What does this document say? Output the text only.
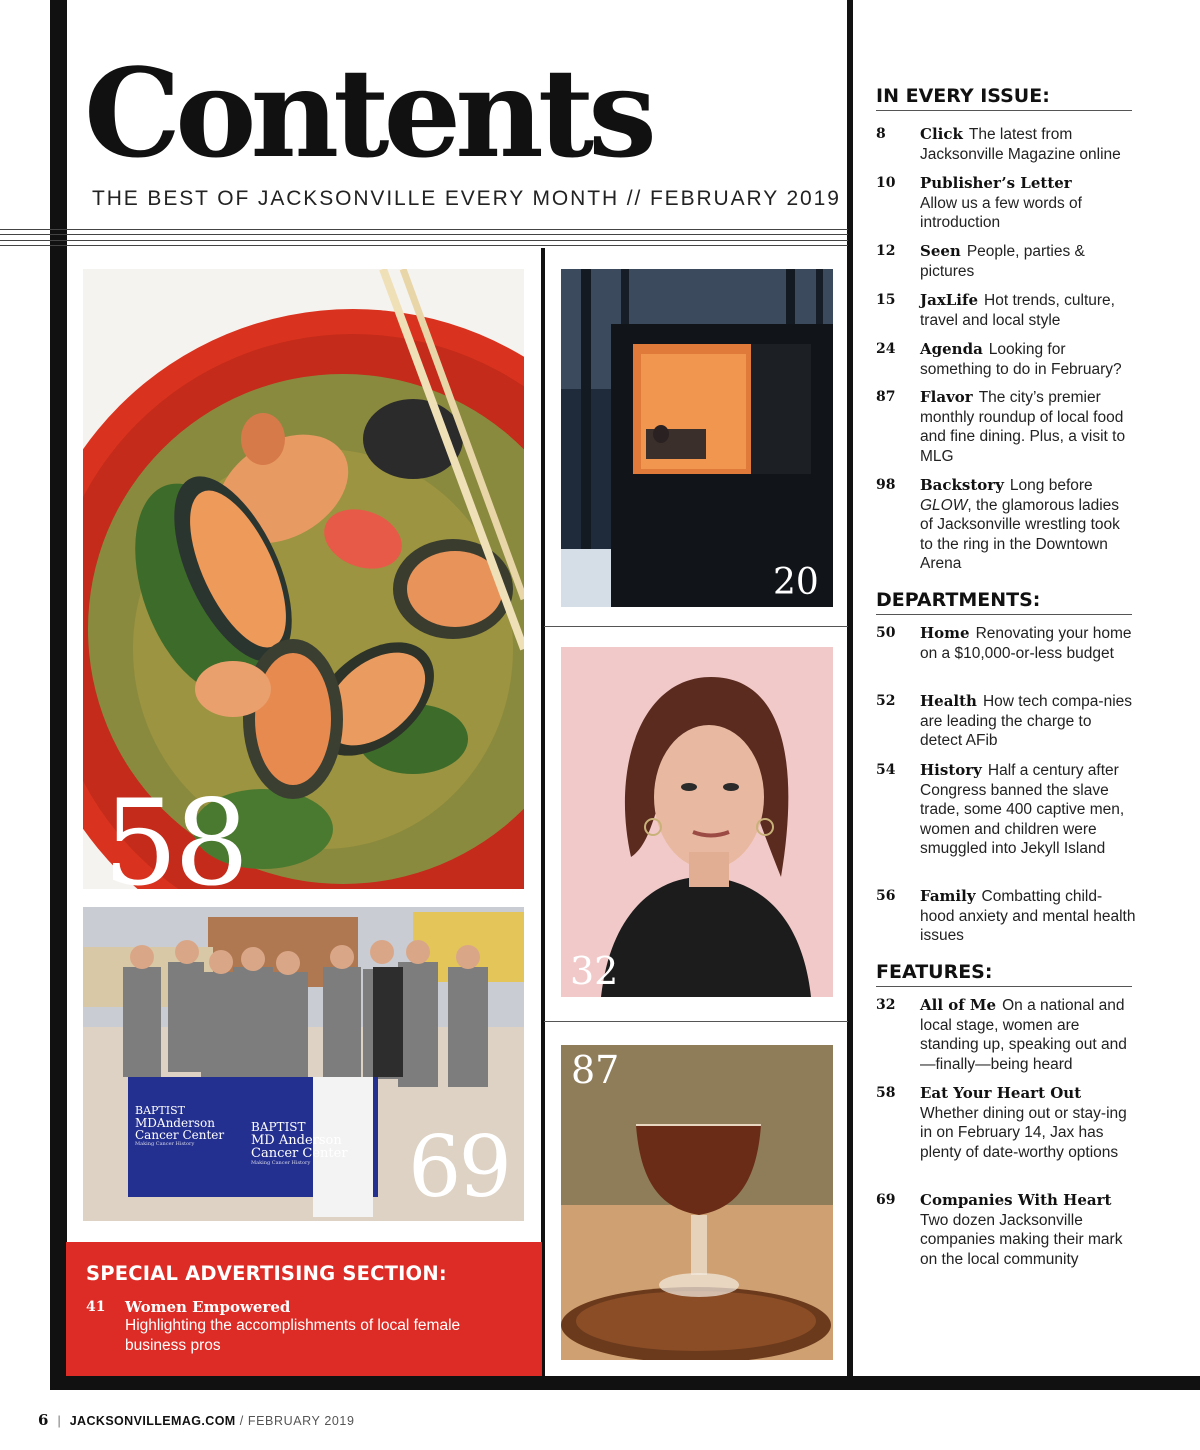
Contents
THE BEST OF JACKSONVILLE EVERY MONTH // FEBRUARY 2019
58
20
32
BAPTIST
MDAnderson
Cancer Center
Making Cancer History
BAPTIST
MD Anderson
Cancer Center
Making Cancer History	69
87
SPECIAL ADVERTISING SECTION:
41 Women Empowered
Highlighting the accomplishments of local female business pros
IN EVERY ISSUE:
8 Click The latest from Jacksonville Magazine online
10 Publisher’s Letter
Allow us a few words of introduction
12 Seen People, parties & pictures
15 JaxLife Hot trends, culture, travel and local style
24 Agenda Looking for something to do in February?
87 Flavor The city’s premier monthly roundup of local food and fine dining. Plus, a visit to MLG
98 Backstory Long before GLOW, the glamorous ladies of Jacksonville wrestling took to the ring in the Downtown Arena
DEPARTMENTS:
50 Home Renovating your home on a $10,000-or-less budget
52 Health How tech compa-nies are leading the charge to detect AFib
54 History Half a century after Congress banned the slave trade, some 400 captive men, women and children were smuggled into Jekyll Island
56 Family Combatting child-hood anxiety and mental health issues
FEATURES:
32 All of Me On a national and local stage, women are standing up, speaking out and—finally—being heard
58 Eat Your Heart Out
Whether dining out or stay-ing in on February 14, Jax has plenty of date-worthy options
69 Companies With Heart
Two dozen Jacksonville companies making their mark on the local community
6 | JACKSONVILLEMAG.COM / FEBRUARY 2019
